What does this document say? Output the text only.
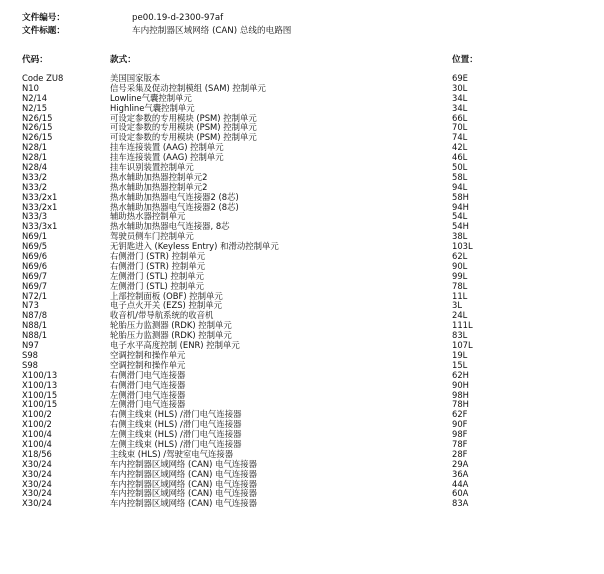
文件编号：	pe00.19-d-2300-97af
文件标题：	车内控制器区域网络 (CAN) 总线的电路图
代码：	款式：	位置：
Code ZU8	美国国家版本	69E
N10	信号采集及促动控制模组 (SAM) 控制单元	30L
N2/14	Lowline气囊控制单元	34L
N2/15	Highline气囊控制单元	34L
N26/15	可设定参数的专用模块 (PSM) 控制单元	66L
N26/15	可设定参数的专用模块 (PSM) 控制单元	70L
N26/15	可设定参数的专用模块 (PSM) 控制单元	74L
N28/1	挂车连接装置 (AAG) 控制单元	42L
N28/1	挂车连接装置 (AAG) 控制单元	46L
N28/4	挂车识别装置控制单元	50L
N33/2	热水辅助加热器控制单元2	58L
N33/2	热水辅助加热器控制单元2	94L
N33/2x1	热水辅助加热器电气连接器2 (8芯)	58H
N33/2x1	热水辅助加热器电气连接器2 (8芯)	94H
N33/3	辅助热水器控制单元	54L
N33/3x1	热水辅助加热器电气连接器, 8芯	54H
N69/1	驾驶员侧车门控制单元	38L
N69/5	无钥匙进入 (Keyless Entry) 和滑动控制单元	103L
N69/6	右侧滑门 (STR) 控制单元	62L
N69/6	右侧滑门 (STR) 控制单元	90L
N69/7	左侧滑门 (STL) 控制单元	99L
N69/7	左侧滑门 (STL) 控制单元	78L
N72/1	上部控制面板 (OBF) 控制单元	11L
N73	电子点火开关 (EZS) 控制单元	3L
N87/8	收音机/带导航系统的收音机	24L
N88/1	轮胎压力监测器 (RDK) 控制单元	111L
N88/1	轮胎压力监测器 (RDK) 控制单元	83L
N97	电子水平高度控制 (ENR) 控制单元	107L
S98	空调控制和操作单元	19L
S98	空调控制和操作单元	15L
X100/13	右侧滑门电气连接器	62H
X100/13	右侧滑门电气连接器	90H
X100/15	左侧滑门电气连接器	98H
X100/15	左侧滑门电气连接器	78H
X100/2	右侧主线束 (HLS) /滑门电气连接器	62F
X100/2	右侧主线束 (HLS) /滑门电气连接器	90F
X100/4	左侧主线束 (HLS) /滑门电气连接器	98F
X100/4	左侧主线束 (HLS) /滑门电气连接器	78F
X18/56	主线束 (HLS) /驾驶室电气连接器	28F
X30/24	车内控制器区域网络 (CAN) 电气连接器	29A
X30/24	车内控制器区域网络 (CAN) 电气连接器	36A
X30/24	车内控制器区域网络 (CAN) 电气连接器	44A
X30/24	车内控制器区域网络 (CAN) 电气连接器	60A
X30/24	车内控制器区域网络 (CAN) 电气连接器	83A
